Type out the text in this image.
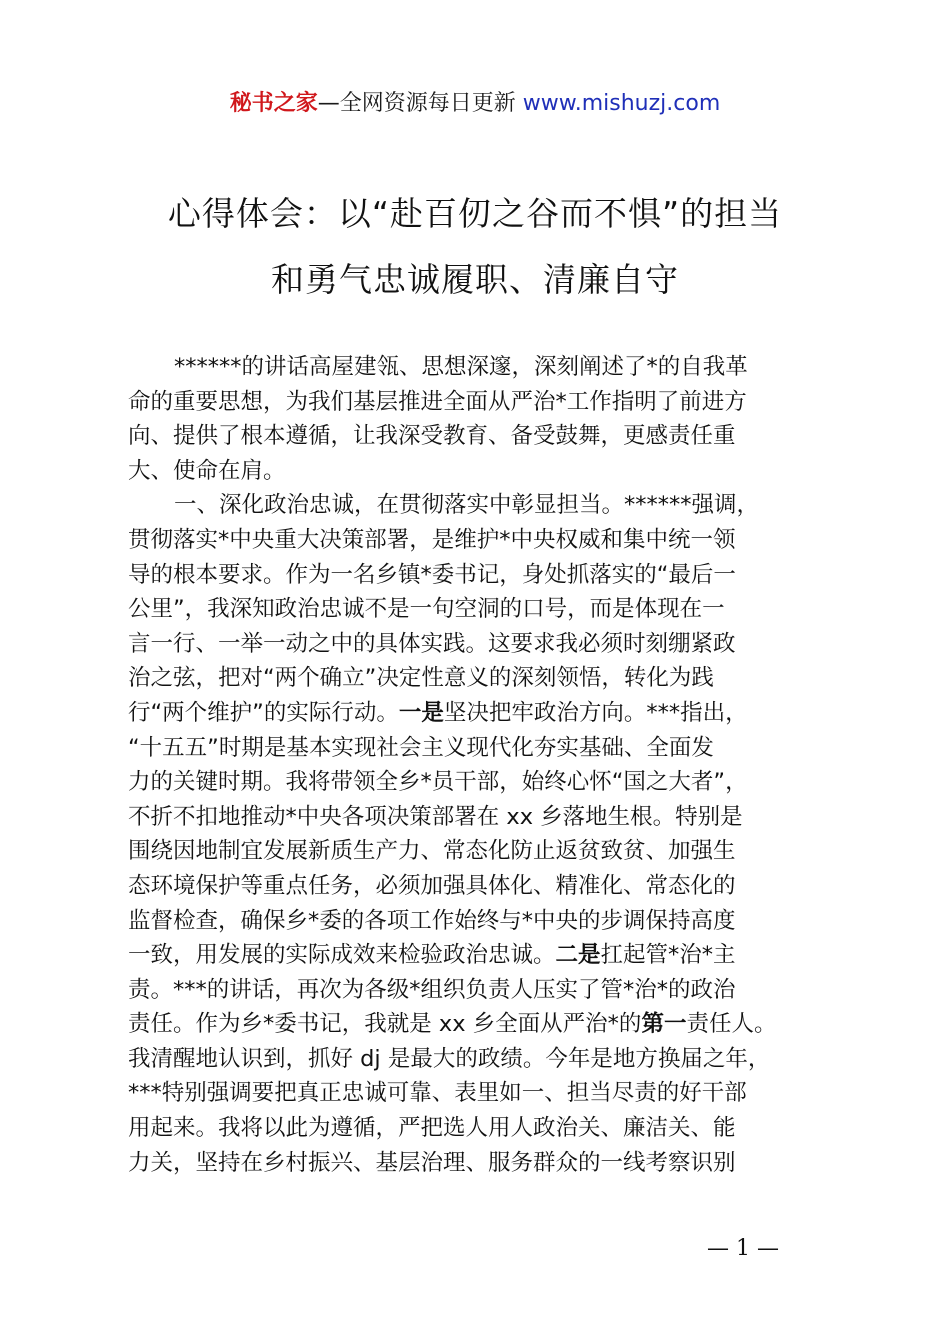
秘书之家—全网资源每日更新 www.mishuzj.com
心得体会：以“赴百仞之谷而不惧”的担当
和勇气忠诚履职、清廉自守
******的讲话高屋建瓴、思想深邃，深刻阐述了*的自我革
命的重要思想，为我们基层推进全面从严治*工作指明了前进方
向、提供了根本遵循，让我深受教育、备受鼓舞，更感责任重
大、使命在肩。
一、深化政治忠诚，在贯彻落实中彰显担当。******强调，
贯彻落实*中央重大决策部署，是维护*中央权威和集中统一领
导的根本要求。作为一名乡镇*委书记，身处抓落实的“最后一
公里”，我深知政治忠诚不是一句空洞的口号，而是体现在一
言一行、一举一动之中的具体实践。这要求我必须时刻绷紧政
治之弦，把对“两个确立”决定性意义的深刻领悟，转化为践
行“两个维护”的实际行动。一是坚决把牢政治方向。***指出，
“十五五”时期是基本实现社会主义现代化夯实基础、全面发
力的关键时期。我将带领全乡*员干部，始终心怀“国之大者”，
不折不扣地推动*中央各项决策部署在 xx 乡落地生根。特别是
围绕因地制宜发展新质生产力、常态化防止返贫致贫、加强生
态环境保护等重点任务，必须加强具体化、精准化、常态化的
监督检查，确保乡*委的各项工作始终与*中央的步调保持高度
一致，用发展的实际成效来检验政治忠诚。二是扛起管*治*主
责。***的讲话，再次为各级*组织负责人压实了管*治*的政治
责任。作为乡*委书记，我就是 xx 乡全面从严治*的第一责任人。
我清醒地认识到，抓好 dj 是最大的政绩。今年是地方换届之年，
***特别强调要把真正忠诚可靠、表里如一、担当尽责的好干部
用起来。我将以此为遵循，严把选人用人政治关、廉洁关、能
力关，坚持在乡村振兴、基层治理、服务群众的一线考察识别
— 1 —
